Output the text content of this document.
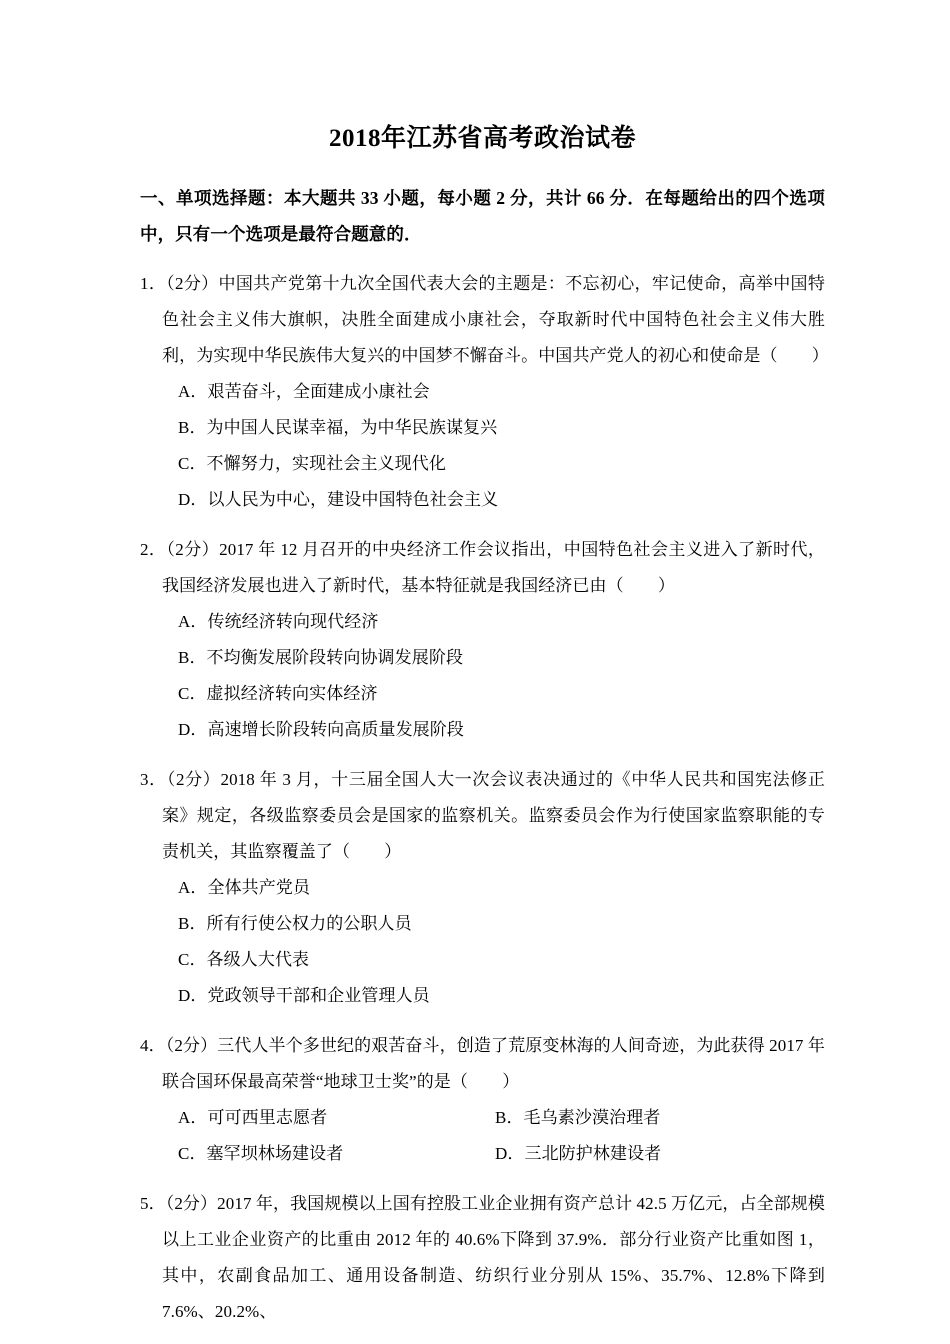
2018年江苏省高考政治试卷

一、单项选择题：本大题共 33 小题，每小题 2 分，共计 66 分．在每题给出的四个选项中，只有一个选项是最符合题意的．

1．（2分）中国共产党第十九次全国代表大会的主题是：不忘初心，牢记使命，高举中国特色社会主义伟大旗帜，决胜全面建成小康社会，夺取新时代中国特色社会主义伟大胜利，为实现中华民族伟大复兴的中国梦不懈奋斗。中国共产党人的初心和使命是（　　）

A．艰苦奋斗，全面建成小康社会
B．为中国人民谋幸福，为中华民族谋复兴
C．不懈努力，实现社会主义现代化
D．以人民为中心，建设中国特色社会主义

2．（2分）2017 年 12 月召开的中央经济工作会议指出，中国特色社会主义进入了新时代，我国经济发展也进入了新时代，基本特征就是我国经济已由（　　）

A．传统经济转向现代经济
B．不均衡发展阶段转向协调发展阶段
C．虚拟经济转向实体经济
D．高速增长阶段转向高质量发展阶段

3．（2分）2018 年 3 月，十三届全国人大一次会议表决通过的《中华人民共和国宪法修正案》规定，各级监察委员会是国家的监察机关。监察委员会作为行使国家监察职能的专责机关，其监察覆盖了（　　）

A．全体共产党员
B．所有行使公权力的公职人员
C．各级人大代表
D．党政领导干部和企业管理人员

4．（2分）三代人半个多世纪的艰苦奋斗，创造了荒原变林海的人间奇迹，为此获得 2017 年联合国环保最高荣誉“地球卫士奖”的是（　　）

A．可可西里志愿者	B．毛乌素沙漠治理者
C．塞罕坝林场建设者	D．三北防护林建设者

5．（2分）2017 年，我国规模以上国有控股工业企业拥有资产总计 42.5 万亿元，占全部规模以上工业企业资产的比重由 2012 年的 40.6%下降到 37.9%．部分行业资产比重如图 1，其中，农副食品加工、通用设备制造、纺织行业分别从 15%、35.7%、12.8%下降到 7.6%、20.2%、
